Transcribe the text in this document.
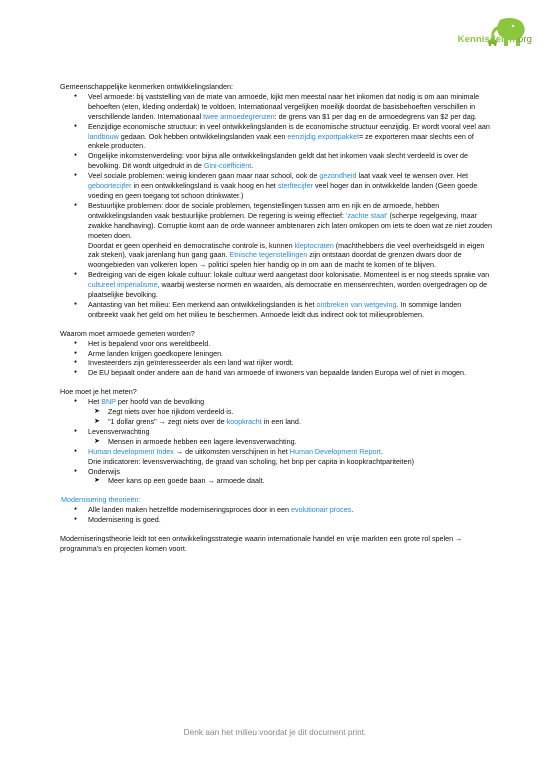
Kennisdelen.org

Gemeenschappelijke kenmerken ontwikkelingslanden:

● Veel armoede: bij vaststelling van de mate van armoede, kijkt men meestal naar het inkomen dat nodig is om aan minimale behoeften (eten, kleding onderdak) te voldoen. Internationaal vergelijken moeilijk doordat de basisbehoeften verschillen in verschillende landen. Internationaal twee armoedegrenzen: de grens van $1 per dag en de armoedegrens van $2 per dag.
● Eenzijdige economische structuur: in veel ontwikkelingslanden is de economische structuur eenzijdig. Er wordt vooral veel aan landbouw gedaan. Ook hebben ontwikkelingslanden vaak een eenzijdig exportpakket= ze exporteren maar slechts een of enkele producten.
● Ongelijke inkomstenverdeling: voor bijna alle ontwikkelingslanden geldt dat het inkomen vaak slecht verdeeld is over de bevolking. Dit wordt uitgedrukt in de Gini-coëfficiënt.
● Veel sociale problemen: weinig kinderen gaan maar naar school, ook de gezondheid laat vaak veel te wensen over. Het geboortecijfer in een ontwikkelingsland is vaak hoog en het sterftecijfer veel hoger dan in ontwikkelde landen (Geen goede voeding en geen toegang tot schoon drinkwater.)
● Bestuurlijke problemen: door de sociale problemen, tegenstellingen tussen arm en rijk en de armoede, hebben ontwikkelingslanden vaak bestuurlijke problemen. De regering is weinig effectief: 'zachte staat' (scherpe regelgeving, maar zwakke handhaving). Corruptie komt aan de orde wanneer ambtenaren zich laten omkopen om iets te doen wat ze niet zouden moeten doen.
Doordat er geen openheid en democratische controle is, kunnen kleptocraten (machthebbers die veel overheidsgeld in eigen zak steken), vaak jarenlang hun gang gaan. Etnische tegenstellingen zijn ontstaan doordat de grenzen dwars door de woongebieden van volkeren lopen → politici spelen hier handig op in om aan de macht te komen of te blijven.
● Bedreiging van de eigen lokale cultuur: lokale cultuur werd aangetast door kolonisatie. Momenteel is er nog steeds sprake van cultureel imperialisme, waarbij westerse normen en waarden, als democratie en mensenrechten, worden overgedragen op de plaatselijke bevolking.
● Aantasting van het milieu: Een merkend aan ontwikkelingslanden is het ontbreken van wetgeving. In sommige landen ontbreekt vaak het geld om het milieu te beschermen. Armoede leidt dus indirect ook tot milieuproblemen.

Waarom moet armoede gemeten worden?

● Het is bepalend voor ons wereldbeeld.
● Arme landen krijgen goedkopere leningen.
● Investeerders zijn geïnteresseerder als een land wat rijker wordt.
● De EU bepaalt onder andere aan de hand van armoede of inwoners van bepaalde landen Europa wel of niet in mogen.

Hoe moet je het meten?

● Het BNP per hoofd van de bevolking
➤ Zegt niets over hoe rijkdom verdeeld is.
➤ "1 dollar grens" → zegt niets over de koopkracht in een land.
● Levensverwachting
➤ Mensen in armoede hebben een lagere levensverwachting.
● Human development Index → de uitkomsten verschijnen in het Human Development Report.
Drie indicatoren: levensverwachting, de graad van scholing, het bnp per capita in koopkrachtpariteiten)
● Onderwijs
➤ Meer kans op een goede baan → armoede daalt.

Modernisering theorieën:

● Alle landen maken hetzelfde moderniseringsproces door in een evolutionair proces.
● Modernisering is goed.

Moderniseringstheorie leidt tot een ontwikkelingsstrategie waarin internationale handel en vrije markten een grote rol spelen → programma's en projecten komen voort.

Denk aan het milieu voordat je dit document print.
